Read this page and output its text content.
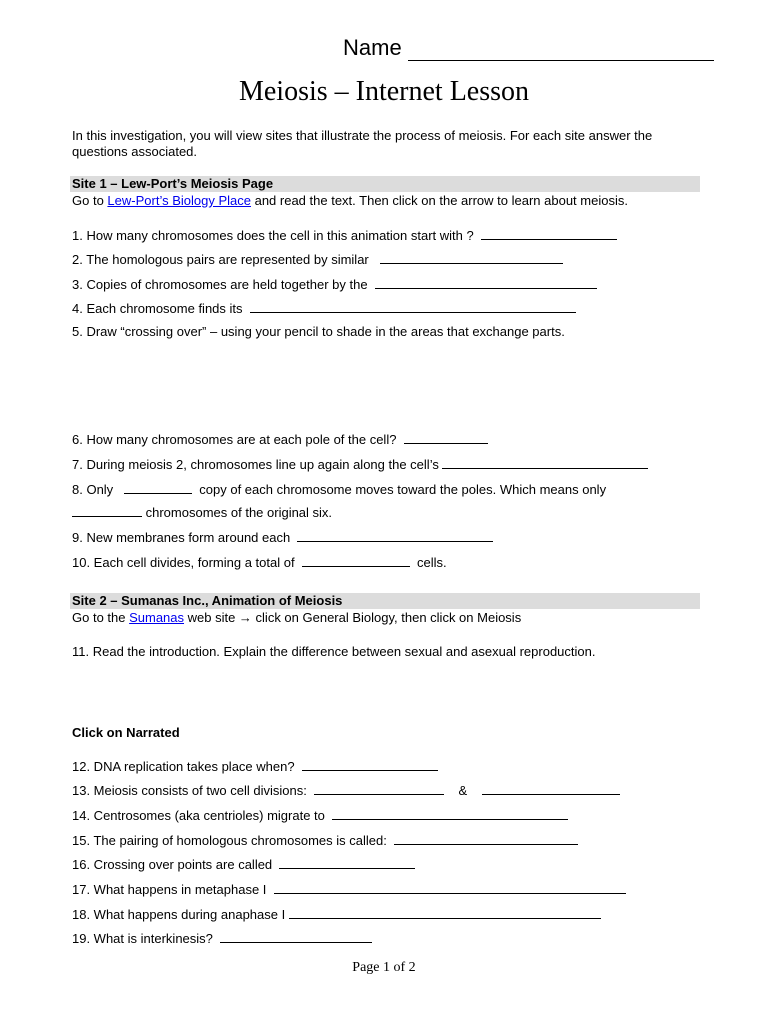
Name
Meiosis – Internet Lesson
In this investigation, you will view sites that illustrate the process of meiosis. For each site answer the questions associated.
Site 1 – Lew-Port’s Meiosis Page
Go to Lew-Port’s Biology Place and read the text. Then click on the arrow to learn about meiosis.
1. How many chromosomes does the cell in this animation start with ?
2. The homologous pairs are represented by similar
3. Copies of chromosomes are held together by the
4. Each chromosome finds its
5. Draw “crossing over” – using your pencil to shade in the areas that exchange parts.
6. How many chromosomes are at each pole of the cell?
7. During meiosis 2, chromosomes line up again along the cell’s
8. Only	copy of each chromosome moves toward the poles. Which means only
chromosomes of the original six.
9. New membranes form around each
10. Each cell divides, forming a total of	cells.
Site 2 – Sumanas Inc., Animation of Meiosis
Go to the Sumanas web site → click on General Biology, then click on Meiosis
11. Read the introduction. Explain the difference between sexual and asexual reproduction.
Click on Narrated
12. DNA replication takes place when?
13. Meiosis consists of two cell divisions:	&
14. Centrosomes (aka centrioles) migrate to
15. The pairing of homologous chromosomes is called:
16. Crossing over points are called
17. What happens in metaphase I
18. What happens during anaphase I
19. What is interkinesis?
Page 1 of 2
